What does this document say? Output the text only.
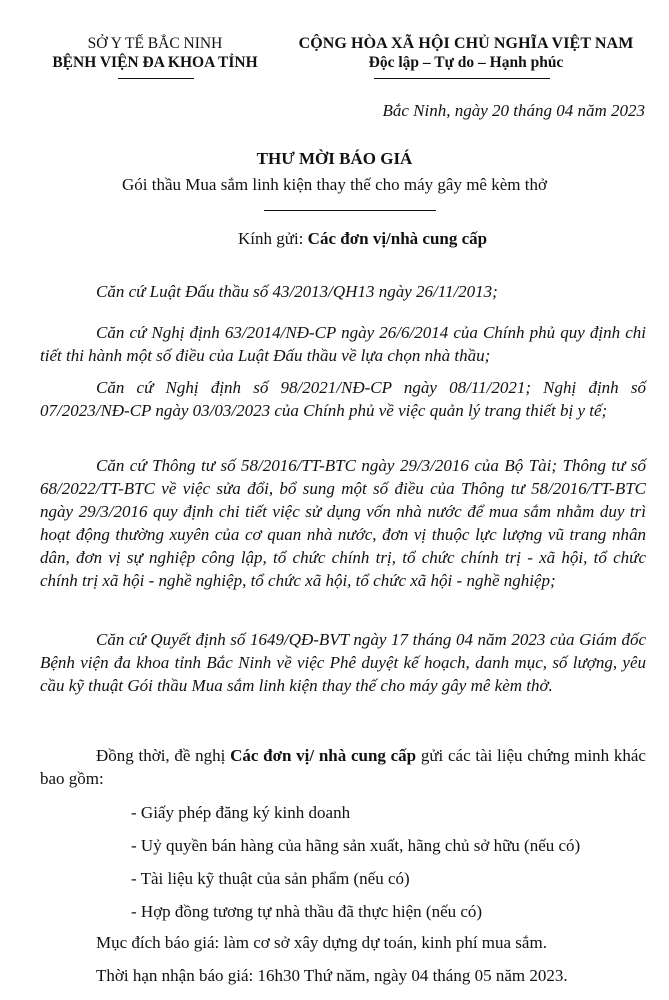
SỞ Y TẾ BẮC NINH
BỆNH VIỆN ĐA KHOA TỈNH
CỘNG HÒA XÃ HỘI CHỦ NGHĨA VIỆT NAM
Độc lập – Tự do – Hạnh phúc
Bắc Ninh, ngày 20 tháng 04 năm 2023
THƯ MỜI BÁO GIÁ
Gói thầu Mua sắm linh kiện thay thế cho máy gây mê kèm thở
Kính gửi: Các đơn vị/nhà cung cấp

Căn cứ Luật Đấu thầu số 43/2013/QH13 ngày 26/11/2013;

Căn cứ Nghị định 63/2014/NĐ-CP ngày 26/6/2014 của Chính phủ quy định chi tiết thi hành một số điều của Luật Đấu thầu về lựa chọn nhà thầu;

Căn cứ Nghị định số 98/2021/NĐ-CP ngày 08/11/2021; Nghị định số 07/2023/NĐ-CP ngày 03/03/2023 của Chính phủ về việc quản lý trang thiết bị y tế;

Căn cứ Thông tư số 58/2016/TT-BTC ngày 29/3/2016 của Bộ Tài; Thông tư số 68/2022/TT-BTC về việc sửa đổi, bổ sung một số điều của Thông tư 58/2016/TT-BTC ngày 29/3/2016 quy định chi tiết việc sử dụng vốn nhà nước để mua sắm nhằm duy trì hoạt động thường xuyên của cơ quan nhà nước, đơn vị thuộc lực lượng vũ trang nhân dân, đơn vị sự nghiệp công lập, tổ chức chính trị, tổ chức chính trị - xã hội, tổ chức chính trị xã hội - nghề nghiệp, tổ chức xã hội, tổ chức xã hội - nghề nghiệp;

Căn cứ Quyết định số 1649/QĐ-BVT ngày 17 tháng 04 năm 2023 của Giám đốc Bệnh viện đa khoa tỉnh Bắc Ninh về việc Phê duyệt kế hoạch, danh mục, số lượng, yêu cầu kỹ thuật Gói thầu Mua sắm linh kiện thay thế cho máy gây mê kèm thở.

Đồng thời, đề nghị Các đơn vị/ nhà cung cấp gửi các tài liệu chứng minh khác bao gồm:

- Giấy phép đăng ký kinh doanh
- Uỷ quyền bán hàng của hãng sản xuất, hãng chủ sở hữu (nếu có)
- Tài liệu kỹ thuật của sản phẩm (nếu có)
- Hợp đồng tương tự nhà thầu đã thực hiện (nếu có)
Mục đích báo giá: làm cơ sở xây dựng dự toán, kinh phí mua sắm.
Thời hạn nhận báo giá: 16h30 Thứ năm, ngày 04 tháng 05 năm 2023.
